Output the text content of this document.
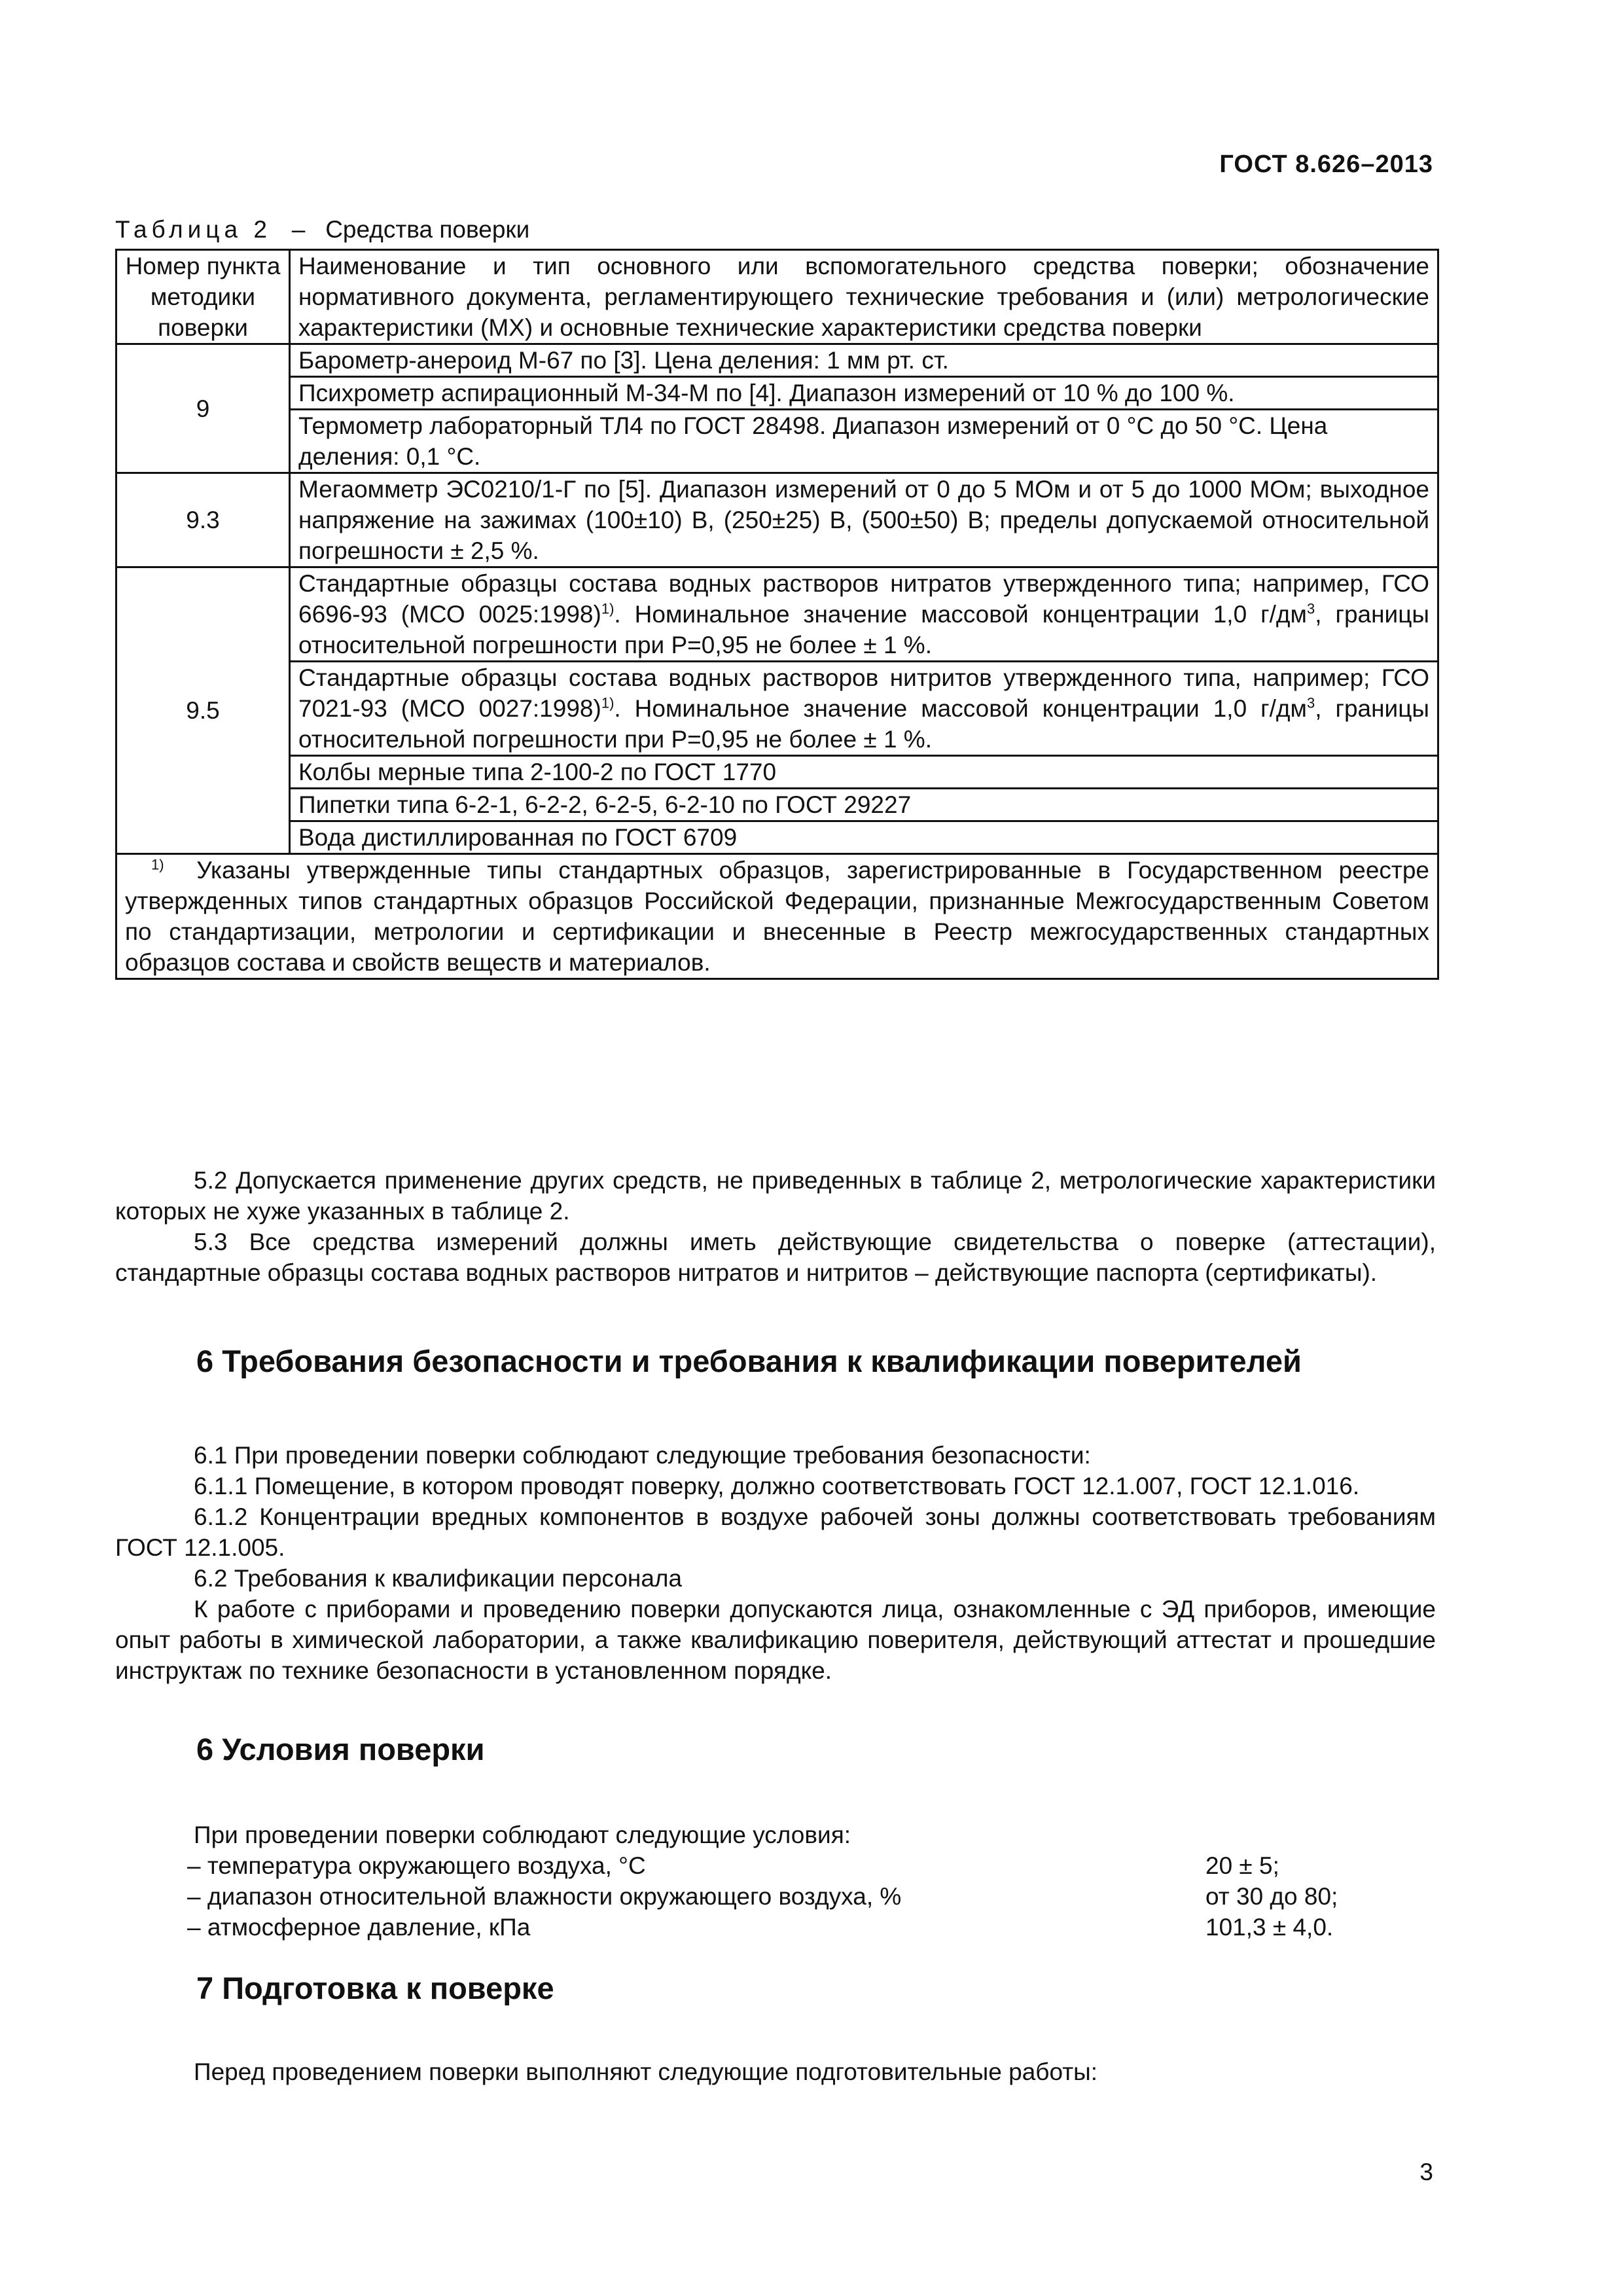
ГОСТ 8.626–2013
Таблица 2 – Средства поверки
Номер пункта методики поверки	Наименование и тип основного или вспомогательного средства поверки; обозначение нормативного документа, регламентирующего технические требования и (или) метрологические характеристики (МХ) и основные технические характеристики средства поверки
9	Барометр-анероид М-67 по [3]. Цена деления: 1 мм рт. ст.
	Психрометр аспирационный М-34-М по [4]. Диапазон измерений от 10 % до 100 %.
	Термометр лабораторный ТЛ4 по ГОСТ 28498. Диапазон измерений от 0 °С до 50 °С. Цена деления: 0,1 °С.
9.3	Мегаомметр ЭС0210/1-Г по [5]. Диапазон измерений от 0 до 5 МОм и от 5 до 1000 МОм; выходное напряжение на зажимах (100±10) В, (250±25) В, (500±50) В; пределы допускаемой относительной погрешности ± 2,5 %.
9.5	Стандартные образцы состава водных растворов нитратов утвержденного типа; например, ГСО 6696-93 (МСО 0025:1998)$^{1)}$. Номинальное значение массовой концентрации 1,0 $г/дм^3$, границы относительной погрешности при Р=0,95 не более ± 1 %.
	Стандартные образцы состава водных растворов нитритов утвержденного типа, например; ГСО 7021-93 (МСО 0027:1998)$^{1)}$. Номинальное значение массовой концентрации 1,0 $г/дм^3$, границы относительной погрешности при Р=0,95 не более ± 1 %.
	Колбы мерные типа 2-100-2 по ГОСТ 1770
	Пипетки типа 6-2-1, 6-2-2, 6-2-5, 6-2-10 по ГОСТ 29227
	Вода дистиллированная по ГОСТ 6709
$^{1)}$ Указаны утвержденные типы стандартных образцов, зарегистрированные в Государственном реестре утвержденных типов стандартных образцов Российской Федерации, признанные Межгосударственным Советом по стандартизации, метрологии и сертификации и внесенные в Реестр межгосударственных стандартных образцов состава и свойств веществ и материалов.	

5.2 Допускается применение других средств, не приведенных в таблице 2, метрологические характеристики которых не хуже указанных в таблице 2.

5.3 Все средства измерений должны иметь действующие свидетельства о поверке (аттестации), стандартные образцы состава водных растворов нитратов и нитритов – действующие паспорта (сертификаты).

6 Требования безопасности и требования к квалификации поверителей

6.1 При проведении поверки соблюдают следующие требования безопасности:

6.1.1 Помещение, в котором проводят поверку, должно соответствовать ГОСТ 12.1.007, ГОСТ 12.1.016.

6.1.2 Концентрации вредных компонентов в воздухе рабочей зоны должны соответствовать требованиям ГОСТ 12.1.005.

6.2 Требования к квалификации персонала

К работе с приборами и проведению поверки допускаются лица, ознакомленные с ЭД приборов, имеющие опыт работы в химической лаборатории, а также квалификацию поверителя, действующий аттестат и прошедшие инструктаж по технике безопасности в установленном порядке.

6 Условия поверки

При проведении поверки соблюдают следующие условия:

– температура окружающего воздуха, °С	20 ± 5;
– диапазон относительной влажности окружающего воздуха, %	от 30 до 80;
– атмосферное давление, кПа	101,3 ± 4,0.
7 Подготовка к поверке

Перед проведением поверки выполняют следующие подготовительные работы:

3
